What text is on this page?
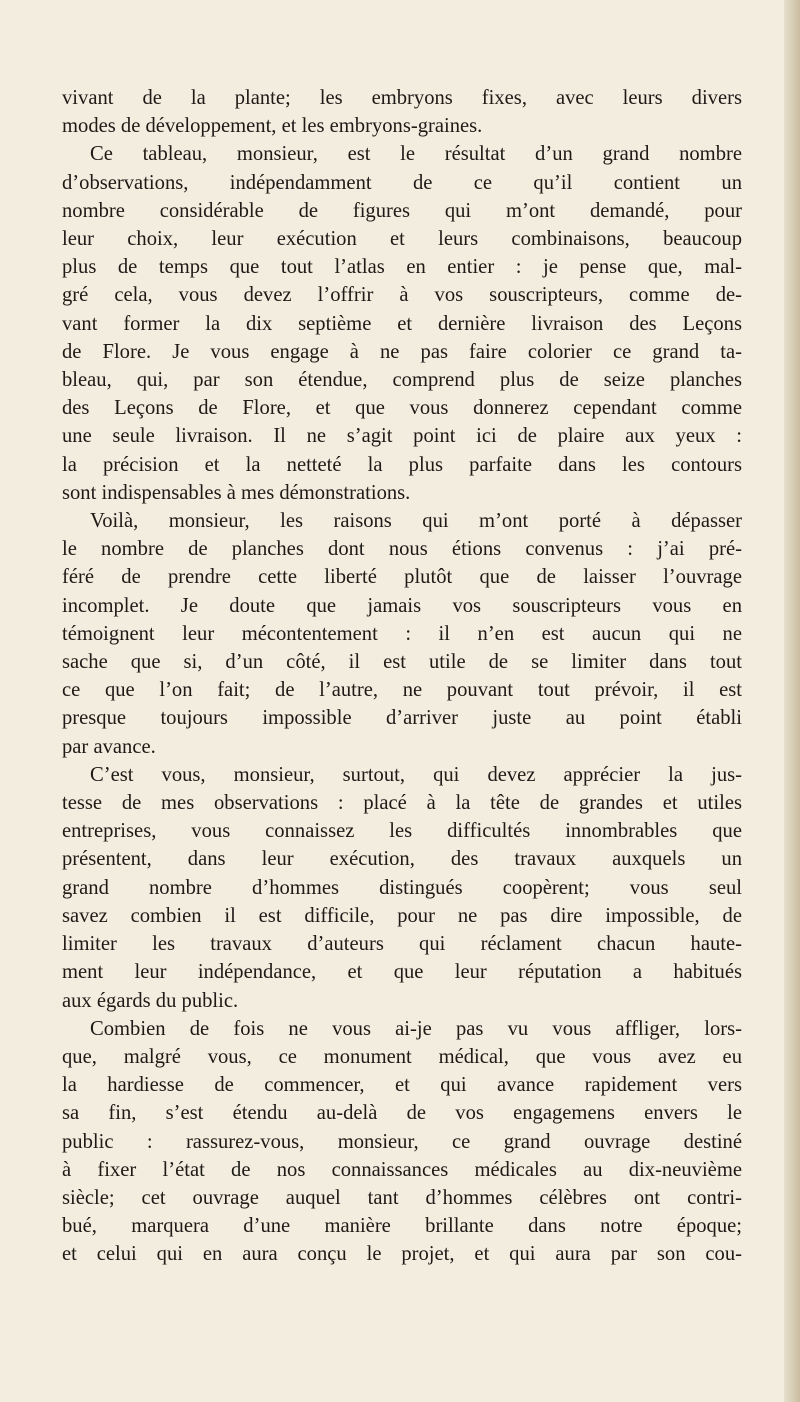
vivant de la plante; les embryons fixes, avec leurs divers
modes de développement, et les embryons-graines.

Ce tableau, monsieur, est le résultat d’un grand nombre
d’observations, indépendamment de ce qu’il contient un
nombre considérable de figures qui m’ont demandé, pour
leur choix, leur exécution et leurs combinaisons, beaucoup
plus de temps que tout l’atlas en entier : je pense que, mal-
gré cela, vous devez l’offrir à vos souscripteurs, comme de-
vant former la dix septième et dernière livraison des Leçons
de Flore. Je vous engage à ne pas faire colorier ce grand ta-
bleau, qui, par son étendue, comprend plus de seize planches
des Leçons de Flore, et que vous donnerez cependant comme
une seule livraison. Il ne s’agit point ici de plaire aux yeux :
la précision et la netteté la plus parfaite dans les contours
sont indispensables à mes démonstrations.

Voilà, monsieur, les raisons qui m’ont porté à dépasser
le nombre de planches dont nous étions convenus : j’ai pré-
féré de prendre cette liberté plutôt que de laisser l’ouvrage
incomplet. Je doute que jamais vos souscripteurs vous en
témoignent leur mécontentement : il n’en est aucun qui ne
sache que si, d’un côté, il est utile de se limiter dans tout
ce que l’on fait; de l’autre, ne pouvant tout prévoir, il est
presque toujours impossible d’arriver juste au point établi
par avance.

C’est vous, monsieur, surtout, qui devez apprécier la jus-
tesse de mes observations : placé à la tête de grandes et utiles
entreprises, vous connaissez les difficultés innombrables que
présentent, dans leur exécution, des travaux auxquels un
grand nombre d’hommes distingués coopèrent; vous seul
savez combien il est difficile, pour ne pas dire impossible, de
limiter les travaux d’auteurs qui réclament chacun haute-
ment leur indépendance, et que leur réputation a habitués
aux égards du public.

Combien de fois ne vous ai-je pas vu vous affliger, lors-
que, malgré vous, ce monument médical, que vous avez eu
la hardiesse de commencer, et qui avance rapidement vers
sa fin, s’est étendu au-delà de vos engagemens envers le
public : rassurez-vous, monsieur, ce grand ouvrage destiné
à fixer l’état de nos connaissances médicales au dix-neuvième
siècle; cet ouvrage auquel tant d’hommes célèbres ont contri-
bué, marquera d’une manière brillante dans notre époque;
et celui qui en aura conçu le projet, et qui aura par son cou-
